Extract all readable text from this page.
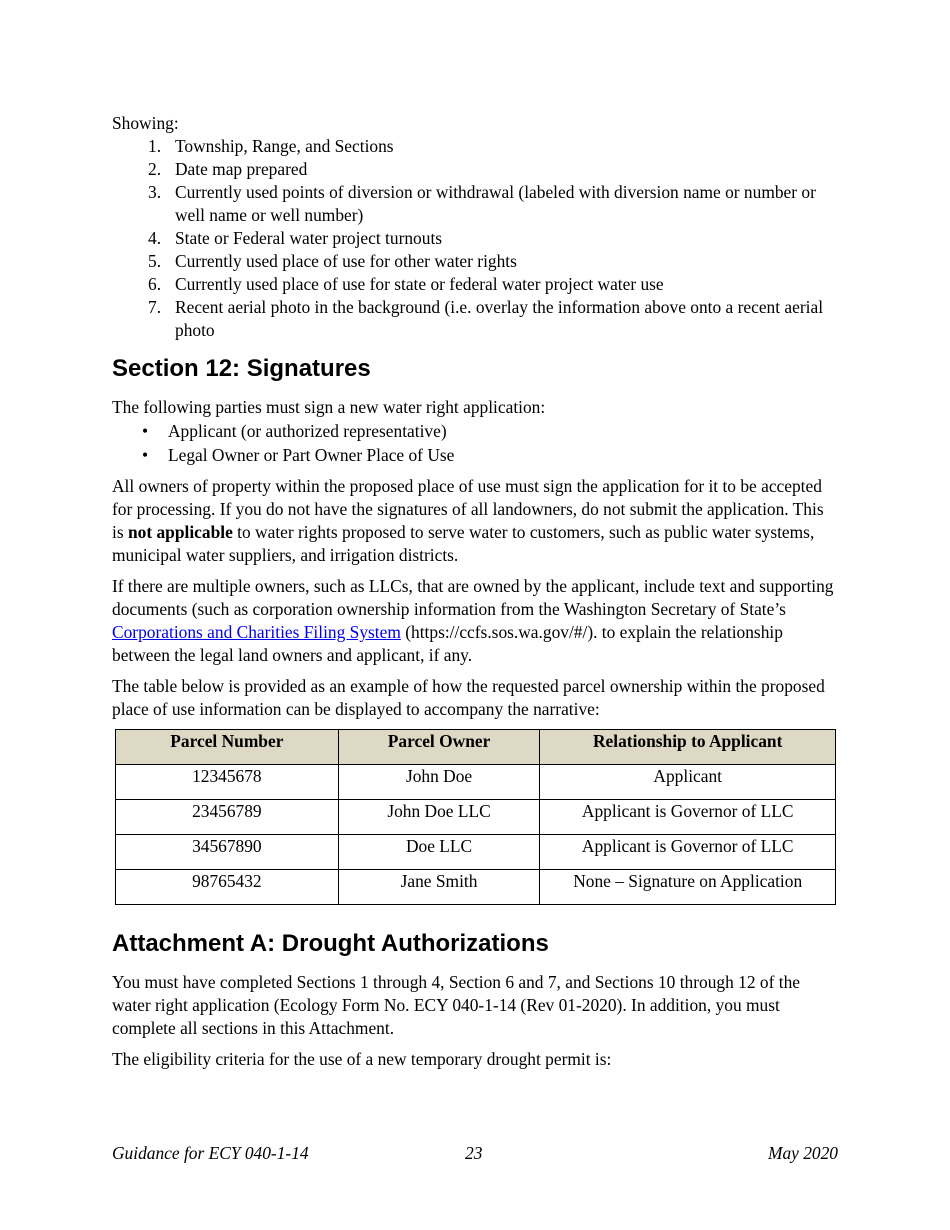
Showing:

1. Township, Range, and Sections
2. Date map prepared
3. Currently used points of diversion or withdrawal (labeled with diversion name or number or well name or well number)
4. State or Federal water project turnouts
5. Currently used place of use for other water rights
6. Currently used place of use for state or federal water project water use
7. Recent aerial photo in the background (i.e. overlay the information above onto a recent aerial photo
Section 12: Signatures

The following parties must sign a new water right application:

• Applicant (or authorized representative)
• Legal Owner or Part Owner Place of Use

All owners of property within the proposed place of use must sign the application for it to be accepted for processing. If you do not have the signatures of all landowners, do not submit the application. This is not applicable to water rights proposed to serve water to customers, such as public water systems, municipal water suppliers, and irrigation districts.

If there are multiple owners, such as LLCs, that are owned by the applicant, include text and supporting documents (such as corporation ownership information from the Washington Secretary of State’s Corporations and Charities Filing System (https://ccfs.sos.wa.gov/#/). to explain the relationship between the legal land owners and applicant, if any.

The table below is provided as an example of how the requested parcel ownership within the proposed place of use information can be displayed to accompany the narrative:

Parcel Number	Parcel Owner	Relationship to Applicant
12345678	John Doe	Applicant
23456789	John Doe LLC	Applicant is Governor of LLC
34567890	Doe LLC	Applicant is Governor of LLC
98765432	Jane Smith	None – Signature on Application
Attachment A: Drought Authorizations

You must have completed Sections 1 through 4, Section 6 and 7, and Sections 10 through 12 of the water right application (Ecology Form No. ECY 040-1-14 (Rev 01-2020). In addition, you must complete all sections in this Attachment.

The eligibility criteria for the use of a new temporary drought permit is:

Guidance for ECY 040-1-14	23	May 2020
